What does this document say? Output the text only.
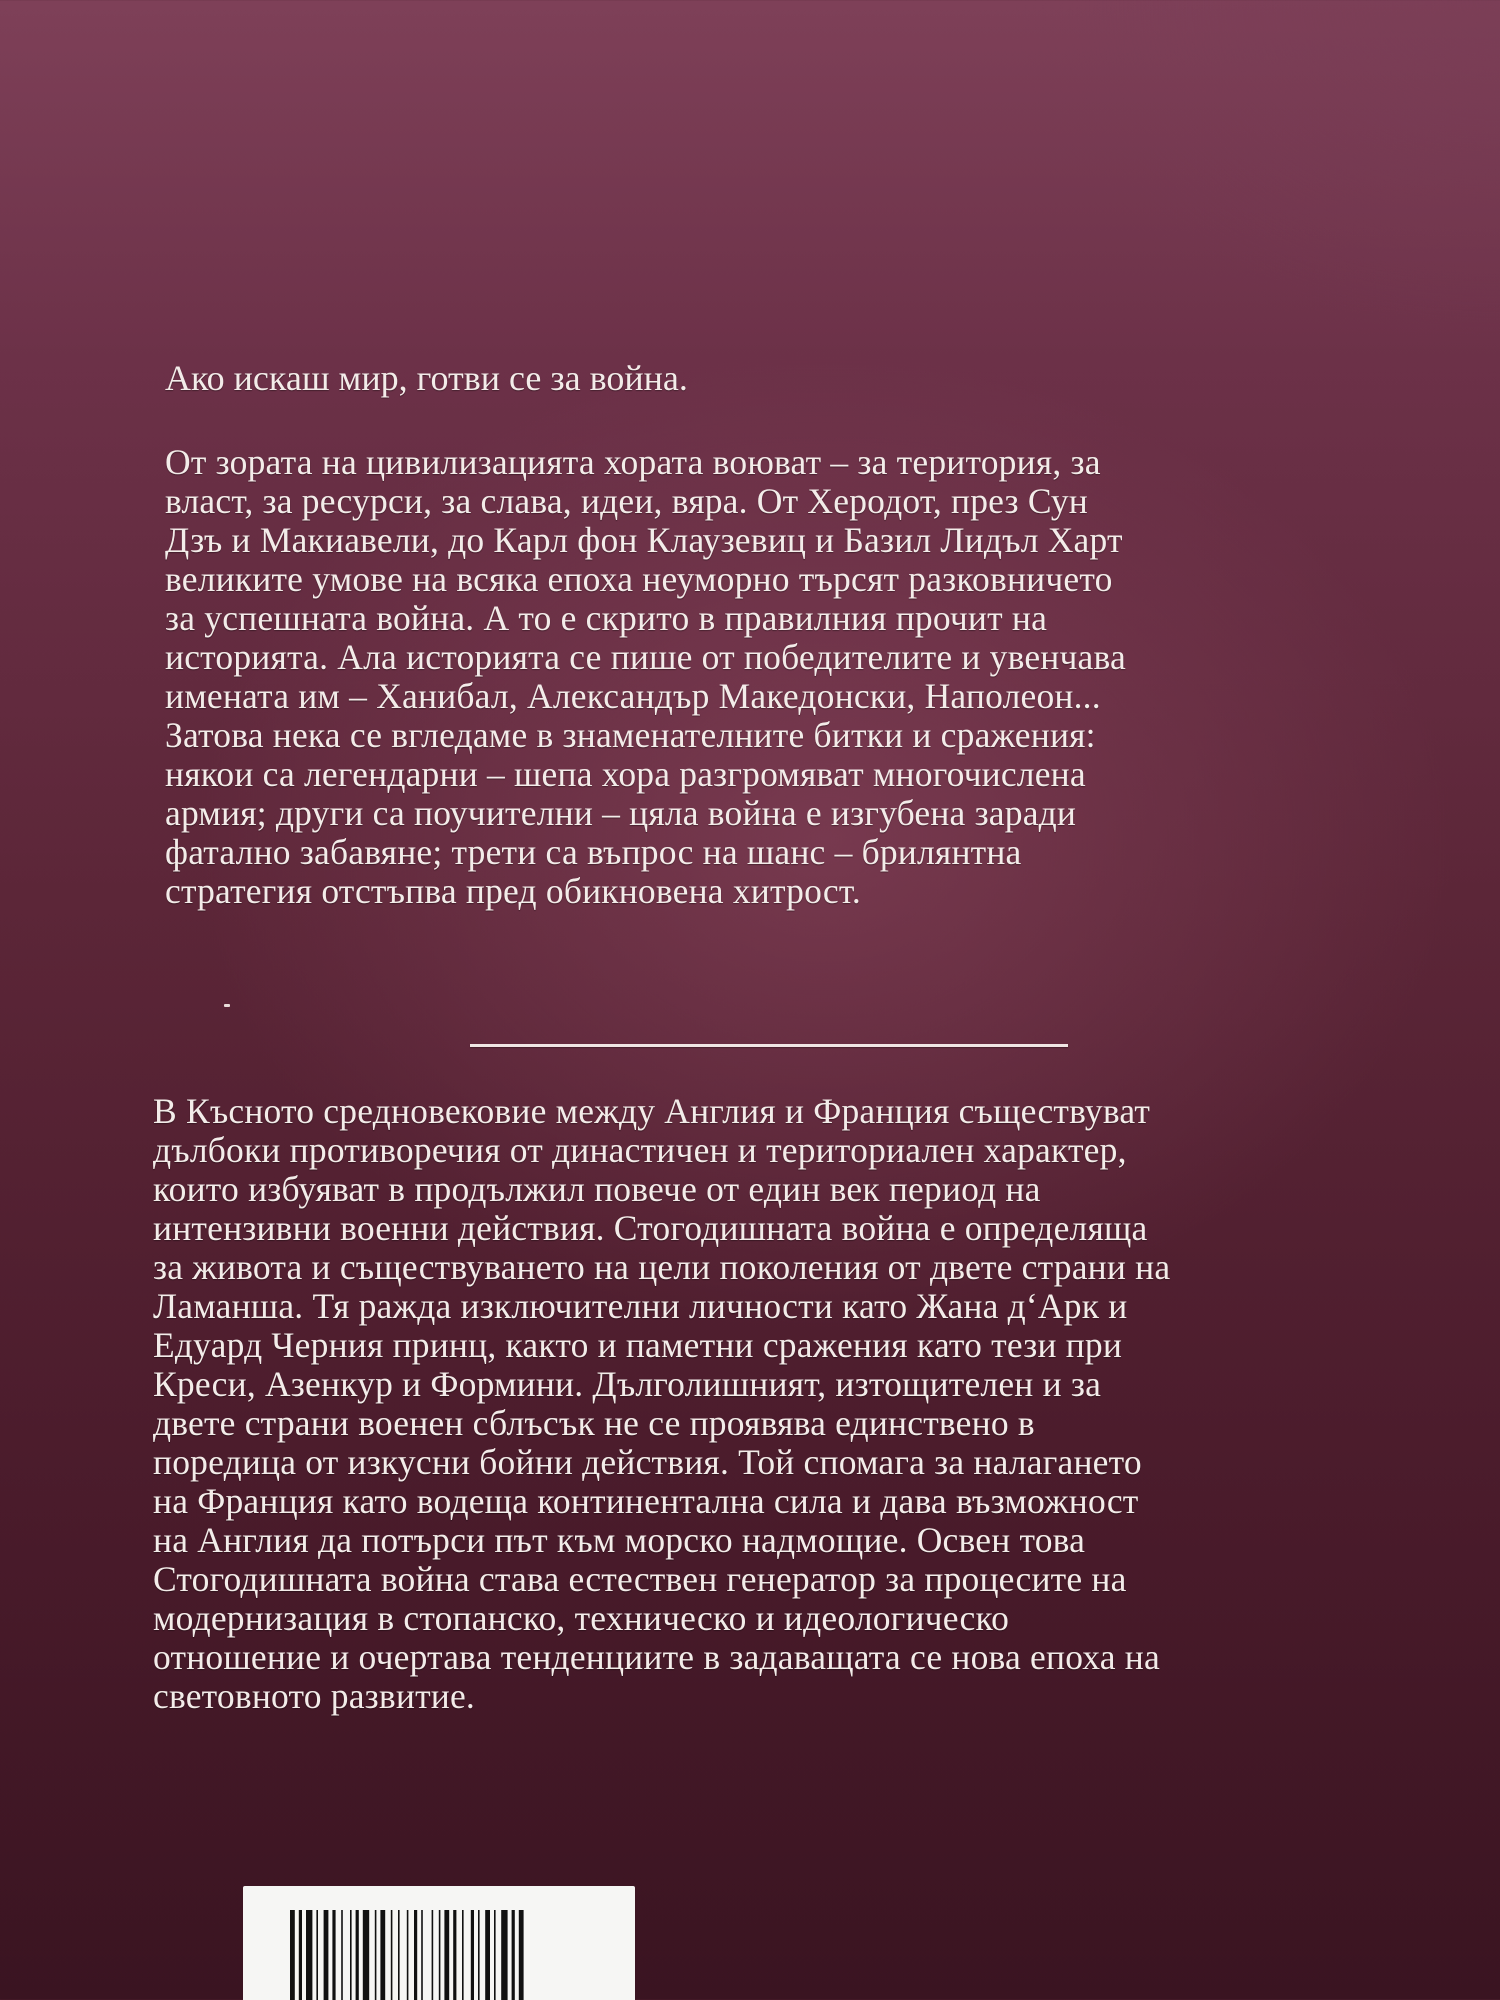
Ако искаш мир, готви се за война.

От зората на цивилизацията хората воюват – за територия, за

власт, за ресурси, за слава, идеи, вяра. От Херодот, през Сун

Дзъ и Макиавели, до Карл фон Клаузевиц и Базил Лидъл Харт

великите умове на всяка епоха неуморно търсят разковничето

за успешната война. А то е скрито в правилния прочит на

историята. Ала историята се пише от победителите и увенчава

имената им – Ханибал, Александър Македонски, Наполеон...

Затова нека се вгледаме в знаменателните битки и сражения:

някои са легендарни – шепа хора разгромяват многочислена

армия; други са поучителни – цяла война е изгубена заради

фатално забавяне; трети са въпрос на шанс – брилянтна

стратегия отстъпва пред обикновена хитрост.

В Късното средновековие между Англия и Франция съществуват

дълбоки противоречия от династичен и териториален характер,

които избуяват в продължил повече от един век период на

интензивни военни действия. Стогодишната война е определяща

за живота и съществуването на цели поколения от двете страни на

Ламанша. Тя ражда изключителни личности като Жана д‘Арк и

Едуард Черния принц, както и паметни сражения като тези при

Креси, Азенкур и Формини. Дълголишният, изтощителен и за

двете страни военен сблъсък не се проявява единствено в

поредица от изкусни бойни действия. Той спомага за налагането

на Франция като водеща континентална сила и дава възможност

на Англия да потърси път към морско надмощие. Освен това

Стогодишната война става естествен генератор за процесите на

модернизация в стопанско, техническо и идеологическо

отношение и очертава тенденциите в задаващата се нова епоха на

световното развитие.
